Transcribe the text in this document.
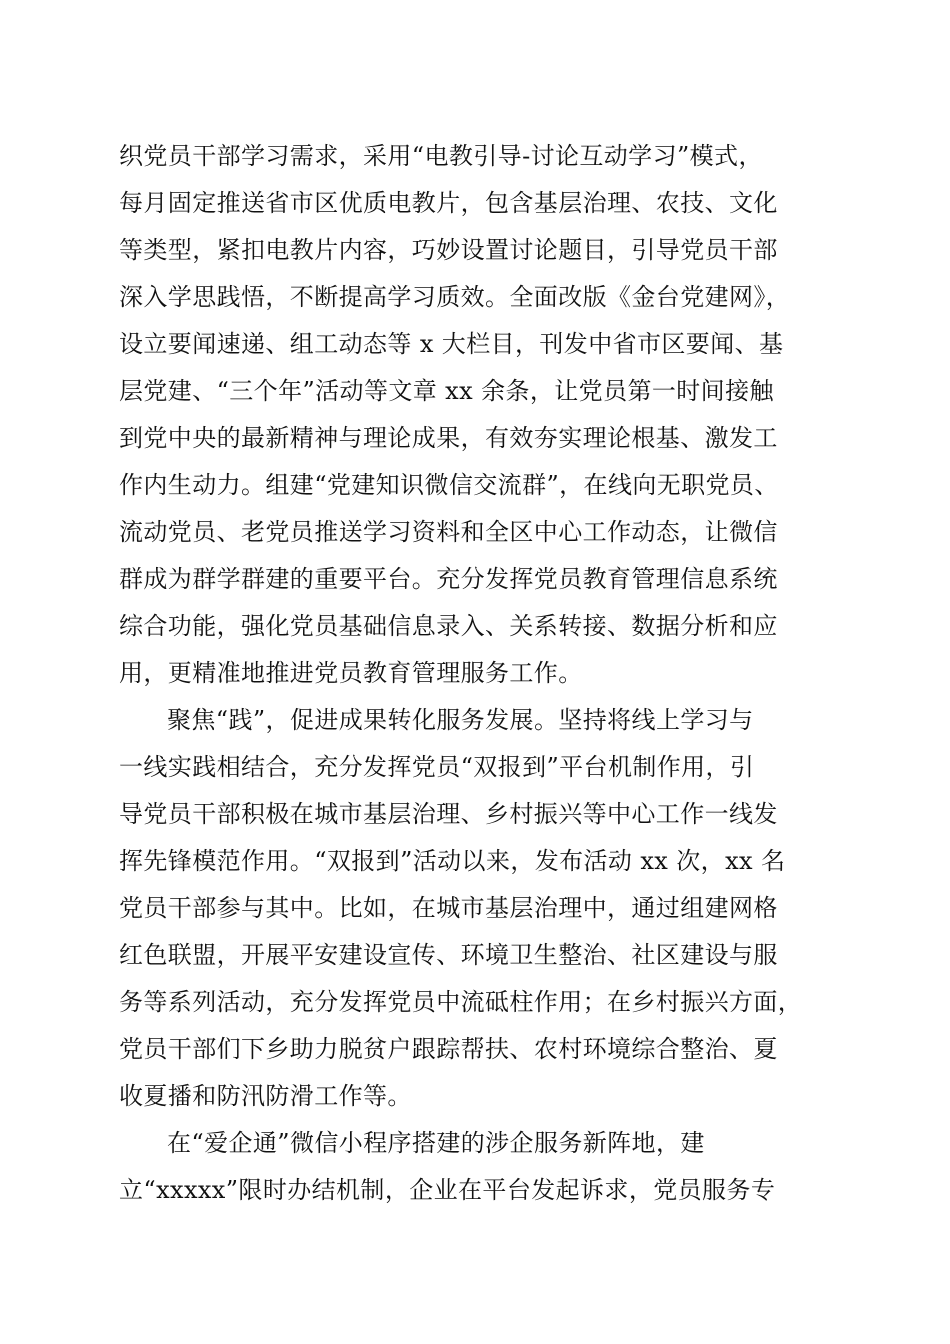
织党员干部学习需求，采用“电教引导-讨论互动学习”模式，
每月固定推送省市区优质电教片，包含基层治理、农技、文化
等类型，紧扣电教片内容，巧妙设置讨论题目，引导党员干部
深入学思践悟，不断提高学习质效。全面改版《金台党建网》，
设立要闻速递、组工动态等 x 大栏目，刊发中省市区要闻、基
层党建、“三个年”活动等文章 xx 余条，让党员第一时间接触
到党中央的最新精神与理论成果，有效夯实理论根基、激发工
作内生动力。组建“党建知识微信交流群”，在线向无职党员、
流动党员、老党员推送学习资料和全区中心工作动态，让微信
群成为群学群建的重要平台。充分发挥党员教育管理信息系统
综合功能，强化党员基础信息录入、关系转接、数据分析和应
用，更精准地推进党员教育管理服务工作。
聚焦“践”，促进成果转化服务发展。坚持将线上学习与
一线实践相结合，充分发挥党员“双报到”平台机制作用，引
导党员干部积极在城市基层治理、乡村振兴等中心工作一线发
挥先锋模范作用。“双报到”活动以来，发布活动 xx 次，xx 名
党员干部参与其中。比如，在城市基层治理中，通过组建网格
红色联盟，开展平安建设宣传、环境卫生整治、社区建设与服
务等系列活动，充分发挥党员中流砥柱作用；在乡村振兴方面，
党员干部们下乡助力脱贫户跟踪帮扶、农村环境综合整治、夏
收夏播和防汛防滑工作等。
在“爱企通”微信小程序搭建的涉企服务新阵地，建
立“xxxxx”限时办结机制，企业在平台发起诉求，党员服务专
